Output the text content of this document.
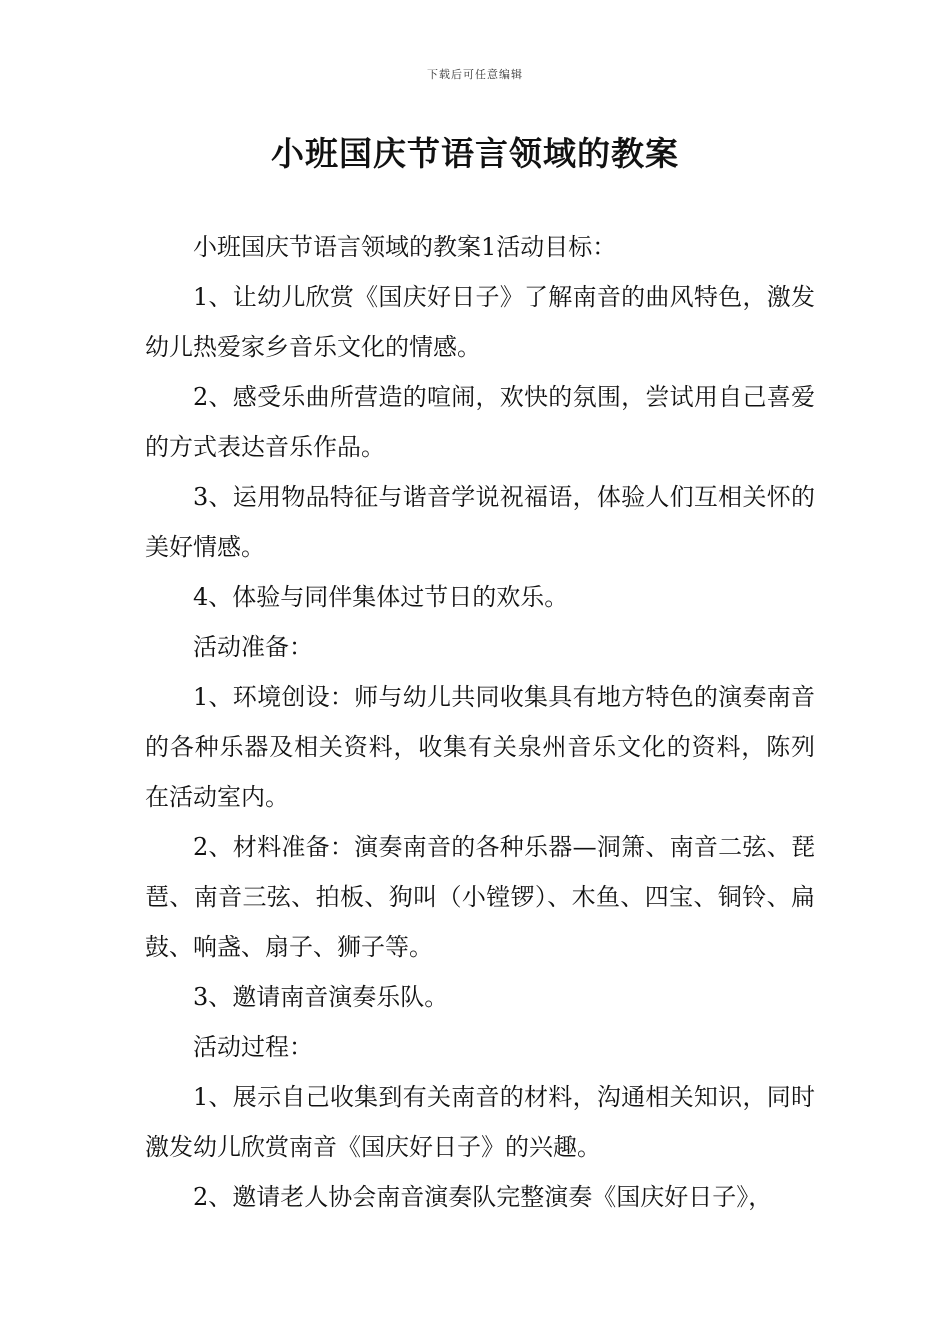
下载后可任意编辑
小班国庆节语言领域的教案

小班国庆节语言领域的教案1活动目标：

1、让幼儿欣赏《国庆好日子》了解南音的曲风特色，激发幼儿热爱家乡音乐文化的情感。

2、感受乐曲所营造的喧闹，欢快的氛围，尝试用自己喜爱的方式表达音乐作品。

3、运用物品特征与谐音学说祝福语，体验人们互相关怀的美好情感。

4、体验与同伴集体过节日的欢乐。

活动准备：

1、环境创设：师与幼儿共同收集具有地方特色的演奏南音的各种乐器及相关资料，收集有关泉州音乐文化的资料，陈列在活动室内。

2、材料准备：演奏南音的各种乐器—洞箫、南音二弦、琵琶、南音三弦、拍板、狗叫（小镗锣）、木鱼、四宝、铜铃、扁鼓、响盏、扇子、狮子等。

3、邀请南音演奏乐队。

活动过程：

1、展示自己收集到有关南音的材料，沟通相关知识，同时激发幼儿欣赏南音《国庆好日子》的兴趣。

2、邀请老人协会南音演奏队完整演奏《国庆好日子》，
